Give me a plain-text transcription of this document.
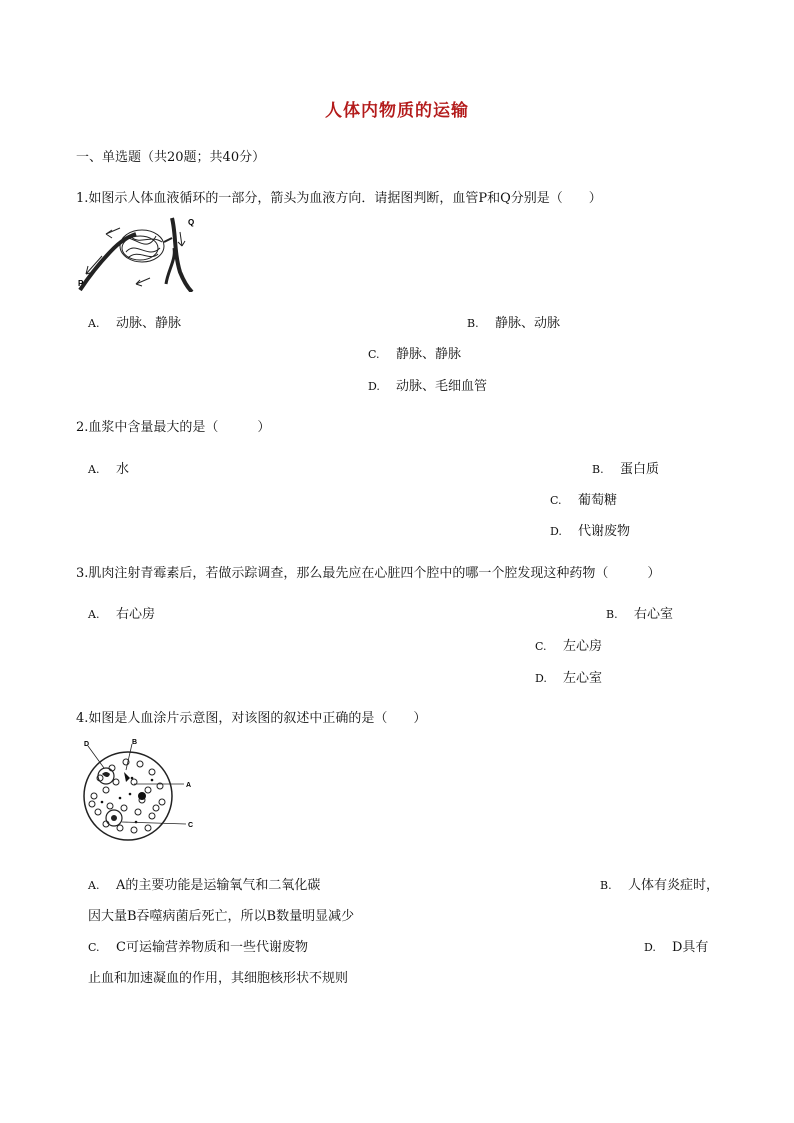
人体内物质的运输
一、单选题（共20题；共40分）
1.如图示人体血液循环的一部分，箭头为血液方向．请据图判断，血管P和Q分别是（　　）
Q
P
A. 动脉、静脉	B. 静脉、动脉
C. 静脉、静脉
D. 动脉、毛细血管
2.血浆中含量最大的是（　　　）
A. 水	B. 蛋白质
C. 葡萄糖
D. 代谢废物
3.肌肉注射青霉素后，若做示踪调查，那么最先应在心脏四个腔中的哪一个腔发现这种药物（　　　）
A. 右心房	B. 右心室
C. 左心房
D. 左心室
4.如图是人血涂片示意图，对该图的叙述中正确的是（　　）
D	B
A
C
A. A的主要功能是运输氧气和二氧化碳	B. 人体有炎症时，
因大量B吞噬病菌后死亡，所以B数量明显减少
C. C可运输营养物质和一些代谢废物	D. D具有
止血和加速凝血的作用，其细胞核形状不规则
